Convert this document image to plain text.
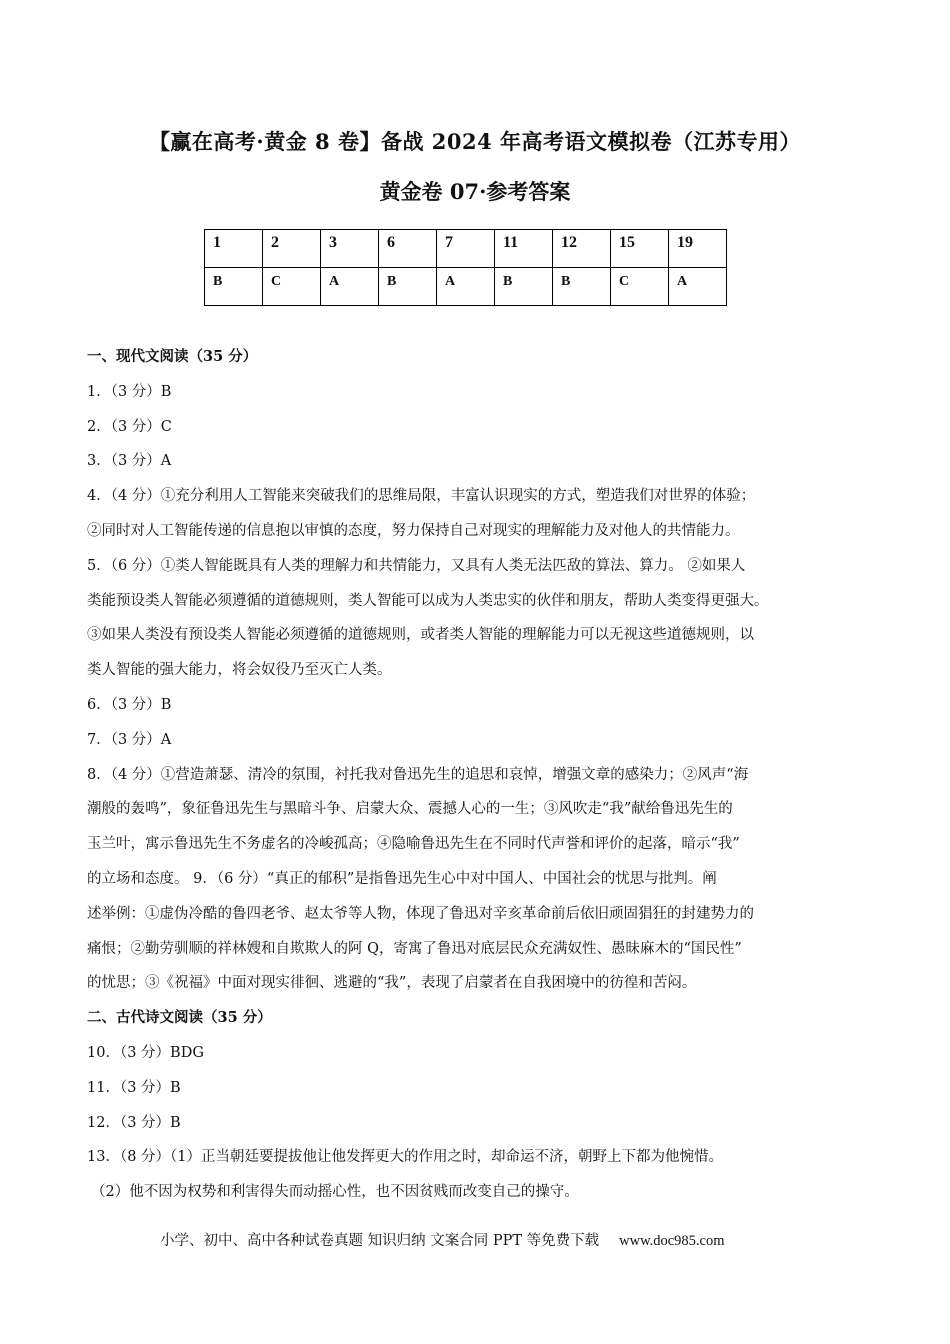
【赢在高考·黄金 8 卷】备战 2024 年高考语文模拟卷（江苏专用）
黄金卷 07·参考答案
1	2	3	6	7	11	12	15	19
B	C	A	B	A	B	B	C	A
一、现代文阅读（35 分）
1．（3 分）B
2．（3 分）C
3．（3 分）A
4．（4 分）①充分利用人工智能来突破我们的思维局限，丰富认识现实的方式，塑造我们对世界的体验；
②同时对人工智能传递的信息抱以审慎的态度，努力保持自己对现实的理解能力及对他人的共情能力。
5．（6 分）①类人智能既具有人类的理解力和共情能力，又具有人类无法匹敌的算法、算力。 ②如果人
类能预设类人智能必须遵循的道德规则，类人智能可以成为人类忠实的伙伴和朋友，帮助人类变得更强大。
③如果人类没有预设类人智能必须遵循的道德规则，或者类人智能的理解能力可以无视这些道德规则，以
类人智能的强大能力，将会奴役乃至灭亡人类。
6．（3 分）B
7．（3 分）A
8．（4 分）①营造萧瑟、清冷的氛围，衬托我对鲁迅先生的追思和哀悼，增强文章的感染力；②风声“海
潮般的轰鸣”，象征鲁迅先生与黑暗斗争、启蒙大众、震撼人心的一生；③风吹走“我”献给鲁迅先生的
玉兰叶，寓示鲁迅先生不务虚名的冷峻孤高；④隐喻鲁迅先生在不同时代声誉和评价的起落，暗示“我”
的立场和态度。 9．（6 分）“真正的郁积”是指鲁迅先生心中对中国人、中国社会的忧思与批判。阐
述举例：①虚伪冷酷的鲁四老爷、赵太爷等人物，体现了鲁迅对辛亥革命前后依旧顽固猖狂的封建势力的
痛恨；②勤劳驯顺的祥林嫂和自欺欺人的阿 Q，寄寓了鲁迅对底层民众充满奴性、愚昧麻木的“国民性”
的忧思；③《祝福》中面对现实徘徊、逃避的“我”，表现了启蒙者在自我困境中的彷徨和苦闷。
二、古代诗文阅读（35 分）
10．（3 分）BDG
11．（3 分）B
12．（3 分）B
13．（8 分）（1）正当朝廷要提拔他让他发挥更大的作用之时，却命运不济，朝野上下都为他惋惜。
（2）他不因为权势和利害得失而动摇心性，也不因贫贱而改变自己的操守。
小学、初中、高中各种试卷真题 知识归纳 文案合同 PPT 等免费下载 www.doc985.com
